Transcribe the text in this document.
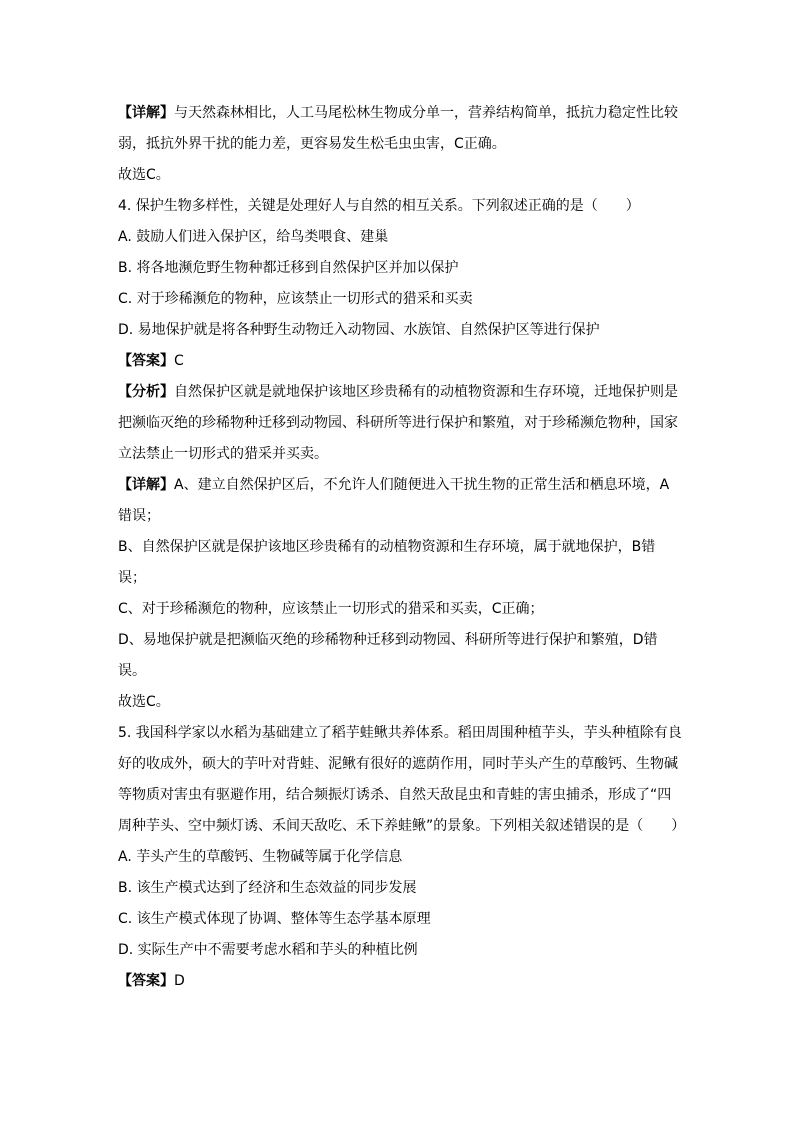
【详解】与天然森林相比，人工马尾松林生物成分单一，营养结构简单，抵抗力稳定性比较弱，抵抗外界干扰的能力差，更容易发生松毛虫虫害，C正确。

故选C。

4. 保护生物多样性，关键是处理好人与自然的相互关系。下列叙述正确的是（　　）

A. 鼓励人们进入保护区，给鸟类喂食、建巢

B. 将各地濒危野生物种都迁移到自然保护区并加以保护

C. 对于珍稀濒危的物种，应该禁止一切形式的猎采和买卖

D. 易地保护就是将各种野生动物迁入动物园、水族馆、自然保护区等进行保护

【答案】C

【分析】自然保护区就是就地保护该地区珍贵稀有的动植物资源和生存环境，迁地保护则是把濒临灭绝的珍稀物种迁移到动物园、科研所等进行保护和繁殖，对于珍稀濒危物种，国家立法禁止一切形式的猎采并买卖。

【详解】A、建立自然保护区后，不允许人们随便进入干扰生物的正常生活和栖息环境，A错误；

B、自然保护区就是保护该地区珍贵稀有的动植物资源和生存环境，属于就地保护，B错误；

C、对于珍稀濒危的物种，应该禁止一切形式的猎采和买卖，C正确；

D、易地保护就是把濒临灭绝的珍稀物种迁移到动物园、科研所等进行保护和繁殖，D错误。

故选C。

5. 我国科学家以水稻为基础建立了稻芋蛙鳅共养体系。稻田周围种植芋头，芋头种植除有良好的收成外，硕大的芋叶对背蛙、泥鳅有很好的遮荫作用，同时芋头产生的草酸钙、生物碱等物质对害虫有驱避作用，结合频振灯诱杀、自然天敌昆虫和青蛙的害虫捕杀，形成了“四周种芋头、空中频灯诱、禾间天敌吃、禾下养蛙鳅”的景象。下列相关叙述错误的是（　　）

A. 芋头产生的草酸钙、生物碱等属于化学信息

B. 该生产模式达到了经济和生态效益的同步发展

C. 该生产模式体现了协调、整体等生态学基本原理

D. 实际生产中不需要考虑水稻和芋头的种植比例

【答案】D
